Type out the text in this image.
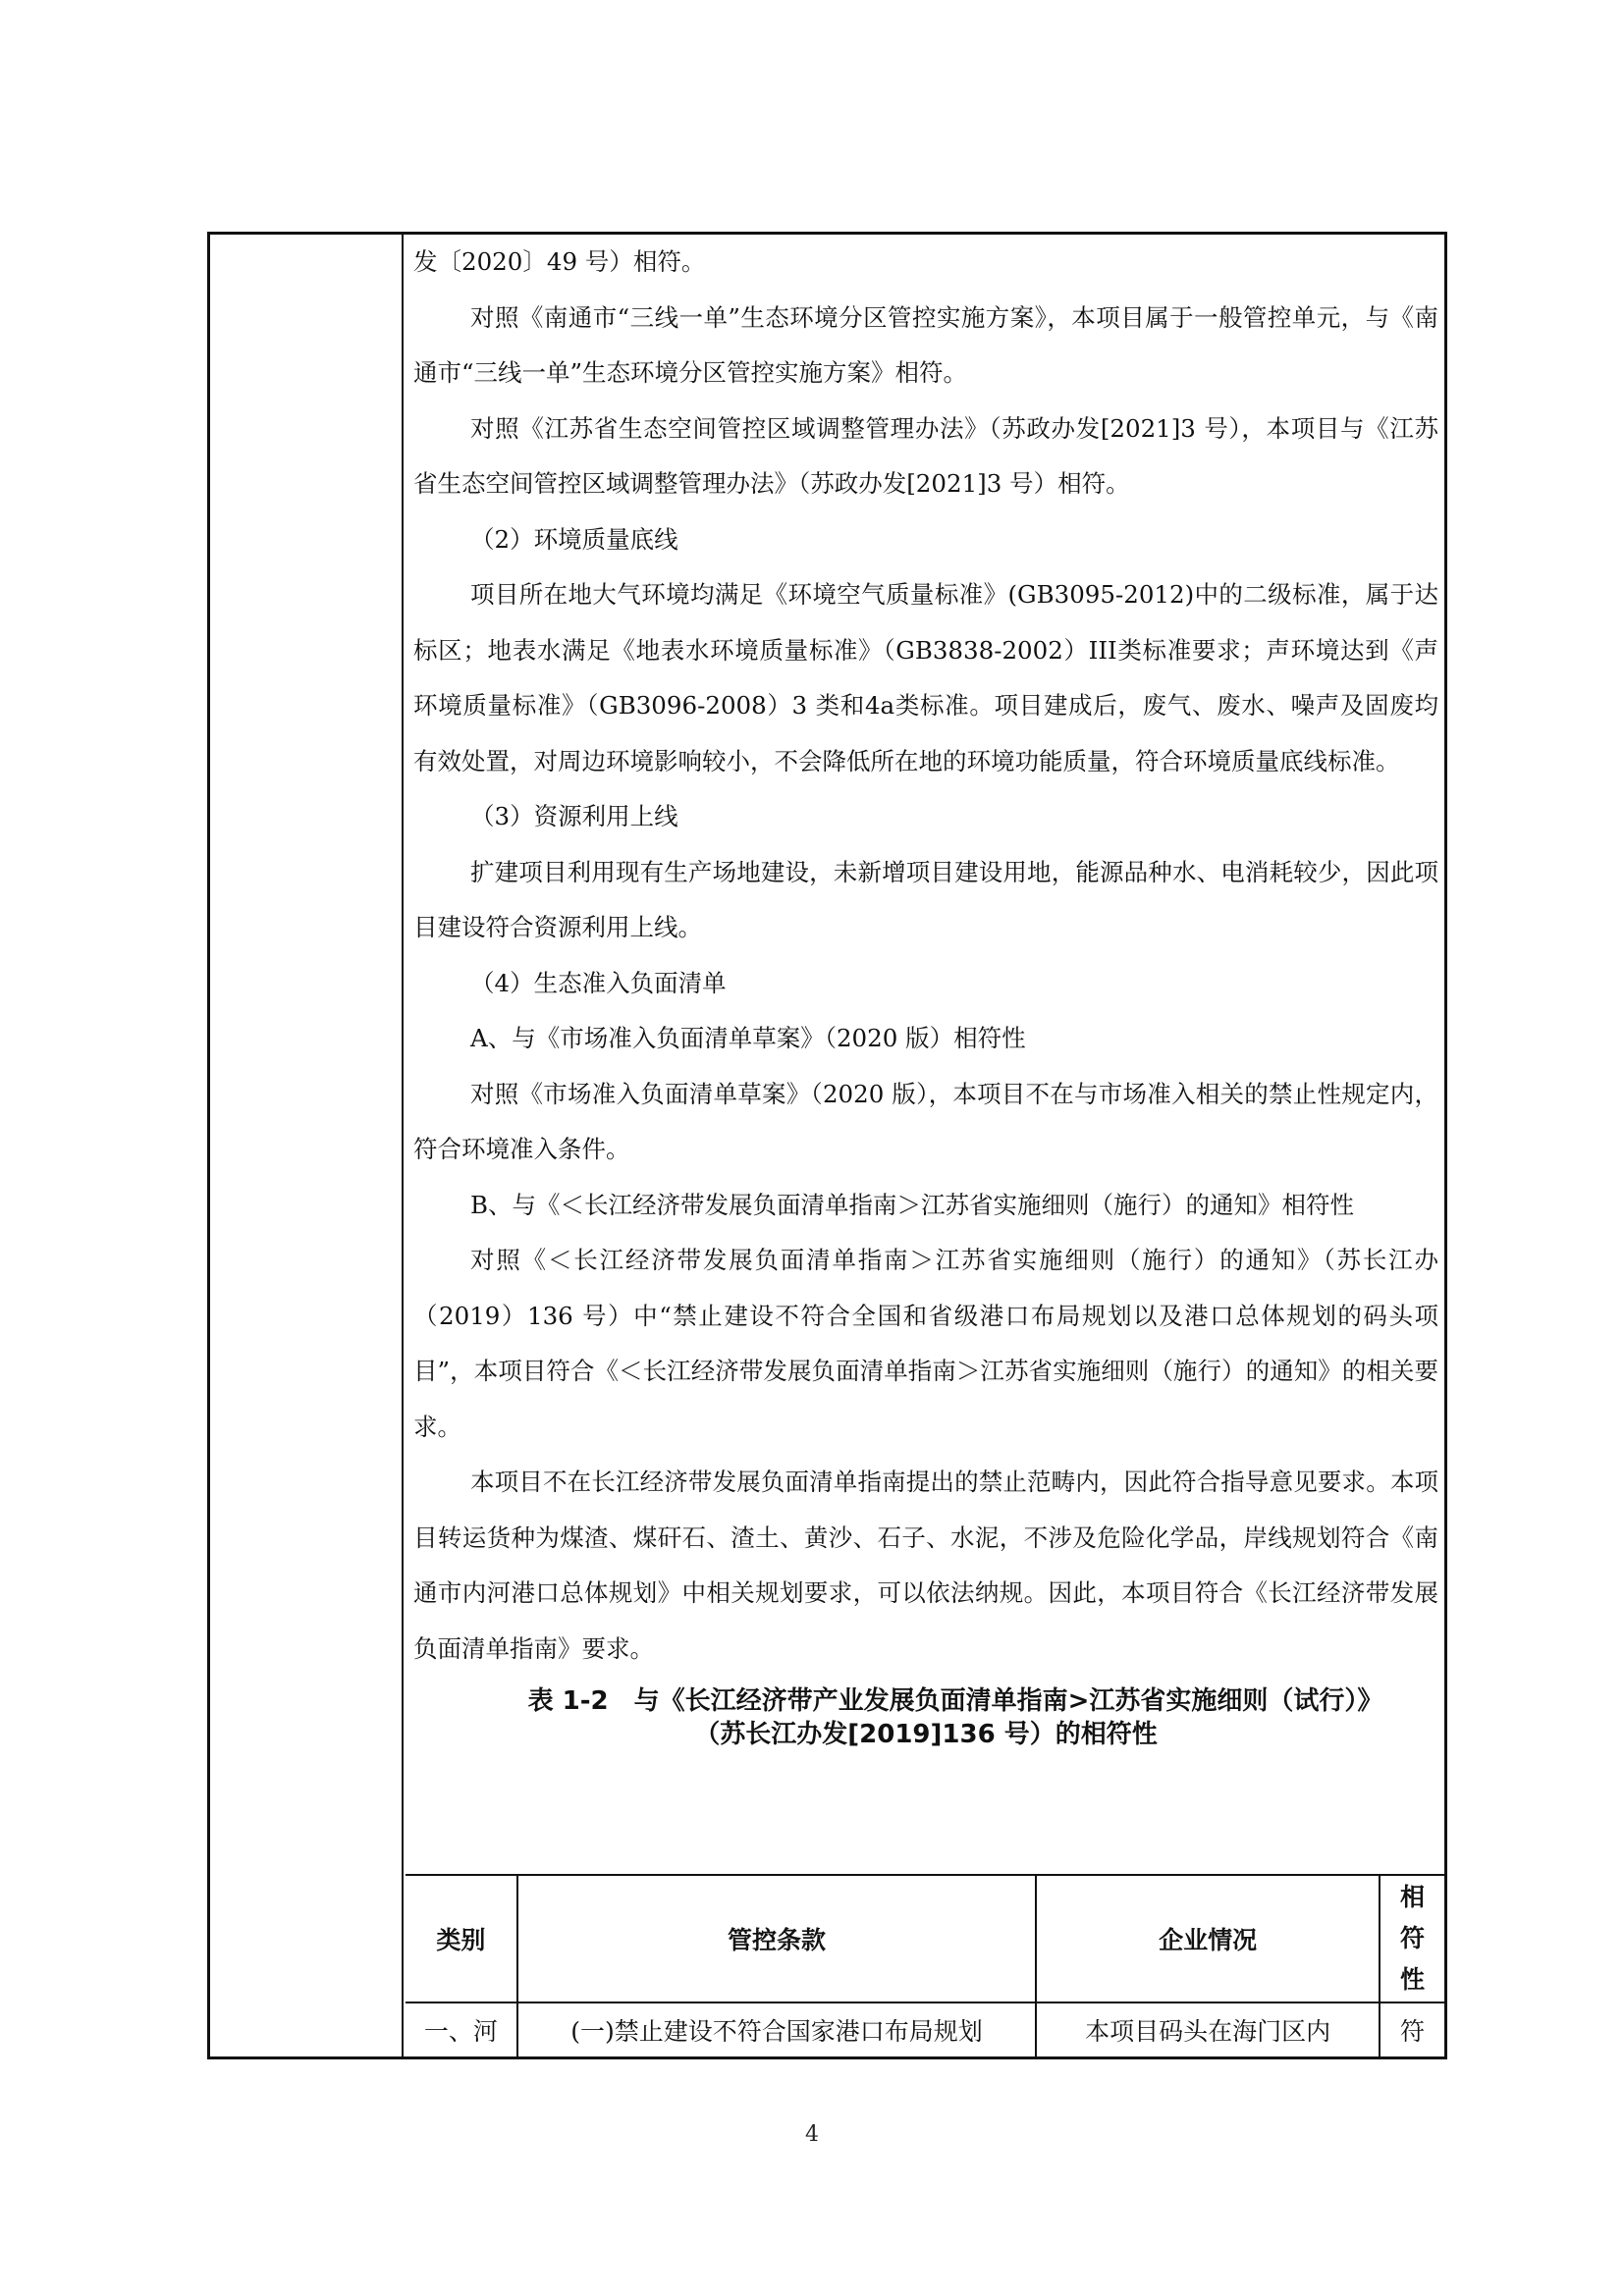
发〔2020〕49 号）相符。

对照《南通市“三线一单”生态环境分区管控实施方案》，本项目属于一般管控单元，与《南通市“三线一单”生态环境分区管控实施方案》相符。

对照《江苏省生态空间管控区域调整管理办法》（苏政办发[2021]3 号），本项目与《江苏省生态空间管控区域调整管理办法》（苏政办发[2021]3 号）相符。

（2）环境质量底线

项目所在地大气环境均满足《环境空气质量标准》(GB3095-2012)中的二级标准，属于达标区；地表水满足《地表水环境质量标准》（GB3838-2002）III类标准要求；声环境达到《声环境质量标准》（GB3096-2008）3 类和4a类标准。项目建成后，废气、废水、噪声及固废均有效处置，对周边环境影响较小，不会降低所在地的环境功能质量，符合环境质量底线标准。

（3）资源利用上线

扩建项目利用现有生产场地建设，未新增项目建设用地，能源品种水、电消耗较少，因此项目建设符合资源利用上线。

（4）生态准入负面清单

A、与《市场准入负面清单草案》（2020 版）相符性

对照《市场准入负面清单草案》（2020 版），本项目不在与市场准入相关的禁止性规定内，符合环境准入条件。

B、与《＜长江经济带发展负面清单指南＞江苏省实施细则（施行）的通知》相符性

对照《＜长江经济带发展负面清单指南＞江苏省实施细则（施行）的通知》（苏长江办（2019）136 号）中“禁止建设不符合全国和省级港口布局规划以及港口总体规划的码头项目”，本项目符合《＜长江经济带发展负面清单指南＞江苏省实施细则（施行）的通知》的相关要求。

本项目不在长江经济带发展负面清单指南提出的禁止范畴内，因此符合指导意见要求。本项目转运货种为煤渣、煤矸石、渣土、黄沙、石子、水泥，不涉及危险化学品，岸线规划符合《南通市内河港口总体规划》中相关规划要求，可以依法纳规。因此，本项目符合《长江经济带发展负面清单指南》要求。

表 1-2　与《长江经济带产业发展负面清单指南>江苏省实施细则（试行）》
（苏长江办发[2019]136 号）的相符性
类别	管控条款	企业情况	相符性
一、河	(一)禁止建设不符合国家港口布局规划	本项目码头在海门区内	符
4
